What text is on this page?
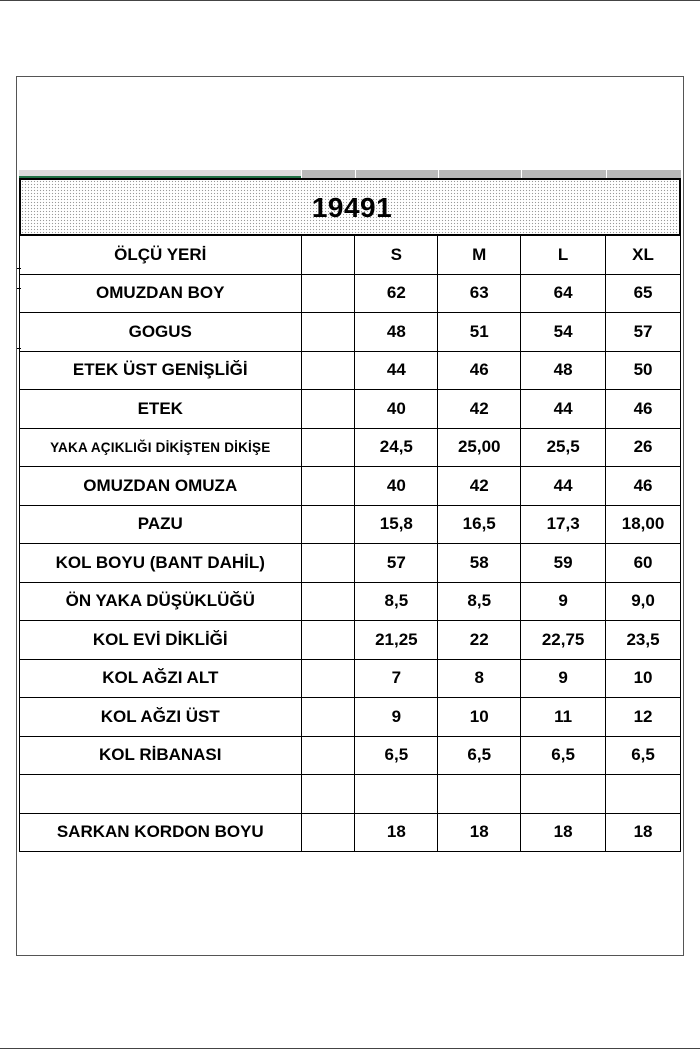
19491
ÖLÇÜ YERİ		S	M	L	XL
OMUZDAN BOY		62	63	64	65
GOGUS		48	51	54	57
ETEK ÜST GENİŞLİĞİ		44	46	48	50
ETEK		40	42	44	46
YAKA AÇIKLIĞI DİKİŞTEN DİKİŞE		24,5	25,00	25,5	26
OMUZDAN OMUZA		40	42	44	46
PAZU		15,8	16,5	17,3	18,00
KOL BOYU (BANT DAHİL)		57	58	59	60
ÖN YAKA DÜŞÜKLÜĞÜ		8,5	8,5	9	9,0
KOL EVİ DİKLİĞİ		21,25	22	22,75	23,5
KOL AĞZI ALT		7	8	9	10
KOL AĞZI ÜST		9	10	11	12
KOL RİBANASI		6,5	6,5	6,5	6,5

SARKAN KORDON BOYU		18	18	18	18
